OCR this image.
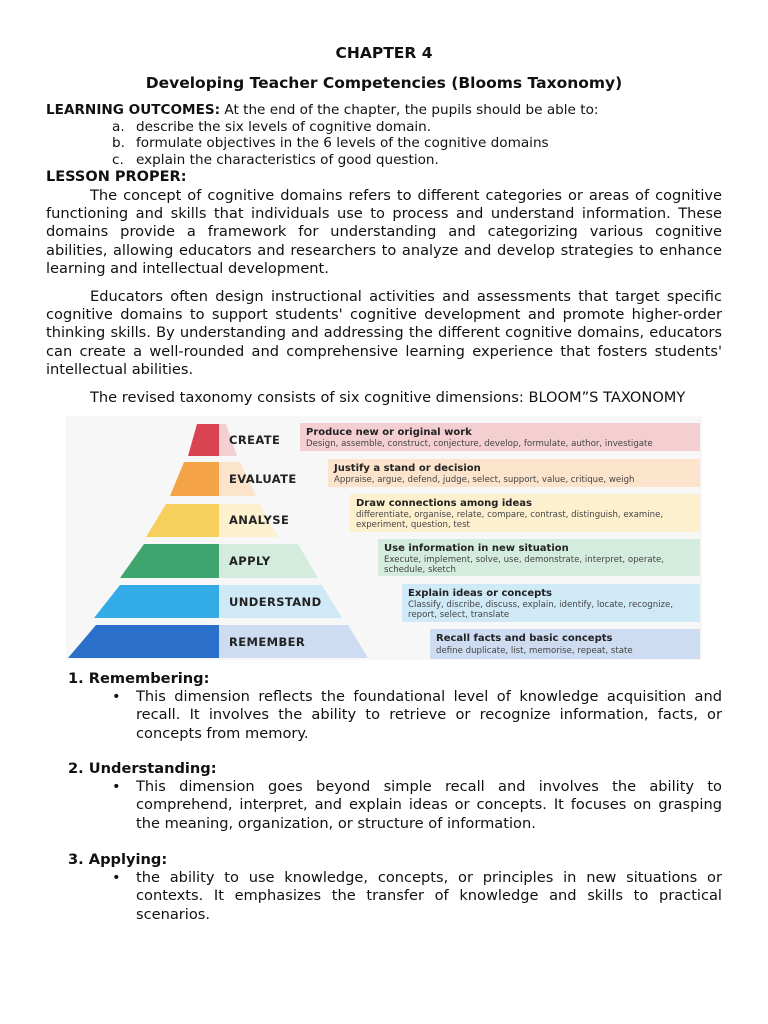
CHAPTER 4
Developing Teacher Competencies (Blooms Taxonomy)
LEARNING OUTCOMES: At the end of the chapter, the pupils should be able to:
a. describe the six levels of cognitive domain.
b. formulate objectives in the 6 levels of the cognitive domains
c. explain the characteristics of good question.
LESSON PROPER:

The concept of cognitive domains refers to different categories or areas of cognitive functioning and skills that individuals use to process and understand information. These domains provide a framework for understanding and categorizing various cognitive abilities, allowing educators and researchers to analyze and develop strategies to enhance learning and intellectual development.

Educators often design instructional activities and assessments that target specific cognitive domains to support students' cognitive development and promote higher-order thinking skills. By understanding and addressing the different cognitive domains, educators can create a well-rounded and comprehensive learning experience that fosters students' intellectual abilities.

The revised taxonomy consists of six cognitive dimensions: BLOOM”S TAXONOMY

CREATE
Produce new or original work
Design, assemble, construct, conjecture, develop, formulate, author, investigate
EVALUATE
Justify a stand or decision
Appraise, argue, defend, judge, select, support, value, critique, weigh
ANALYSE
Draw connections among ideas
differentiate, organise, relate, compare, contrast, distinguish, examine,
experiment, question, test
APPLY
Use information in new situation
Execute, implement, solve, use, demonstrate, interpret, operate,
schedule, sketch
UNDERSTAND
Explain ideas or concepts
Classify, discribe, discuss, explain, identify, locate, recognize,
report, select, translate
REMEMBER	Recall facts and basic concepts
define duplicate, list, memorise, repeat, state
1. Remembering:
• This dimension reflects the foundational level of knowledge acquisition and recall. It involves the ability to retrieve or recognize information, facts, or concepts from memory.
2. Understanding:
• This dimension goes beyond simple recall and involves the ability to comprehend, interpret, and explain ideas or concepts. It focuses on grasping the meaning, organization, or structure of information.
3. Applying:
• the ability to use knowledge, concepts, or principles in new situations or contexts. It emphasizes the transfer of knowledge and skills to practical scenarios.
